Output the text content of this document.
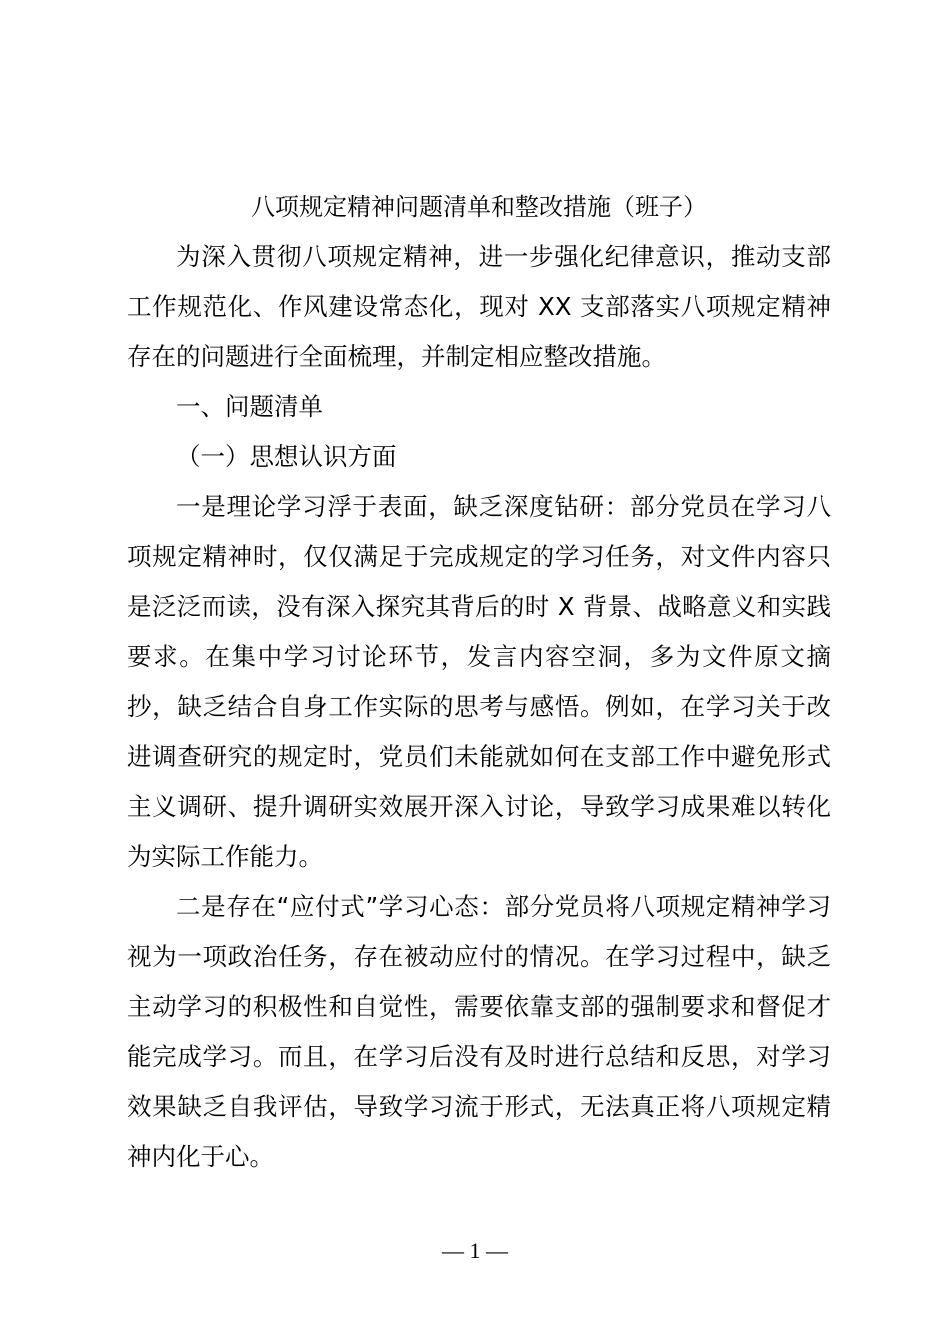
八项规定精神问题清单和整改措施（班子）

为深入贯彻八项规定精神，进一步强化纪律意识，推动支部工作规范化、作风建设常态化，现对 XX 支部落实八项规定精神存在的问题进行全面梳理，并制定相应整改措施。

一、问题清单

（一）思想认识方面

一是理论学习浮于表面，缺乏深度钻研：部分党员在学习八项规定精神时，仅仅满足于完成规定的学习任务，对文件内容只是泛泛而读，没有深入探究其背后的时 X 背景、战略意义和实践要求。在集中学习讨论环节，发言内容空洞，多为文件原文摘抄，缺乏结合自身工作实际的思考与感悟。例如，在学习关于改进调查研究的规定时，党员们未能就如何在支部工作中避免形式主义调研、提升调研实效展开深入讨论，导致学习成果难以转化为实际工作能力。

二是存在“应付式”学习心态：部分党员将八项规定精神学习视为一项政治任务，存在被动应付的情况。在学习过程中，缺乏主动学习的积极性和自觉性，需要依靠支部的强制要求和督促才能完成学习。而且，在学习后没有及时进行总结和反思，对学习效果缺乏自我评估，导致学习流于形式，无法真正将八项规定精神内化于心。

— 1 —
